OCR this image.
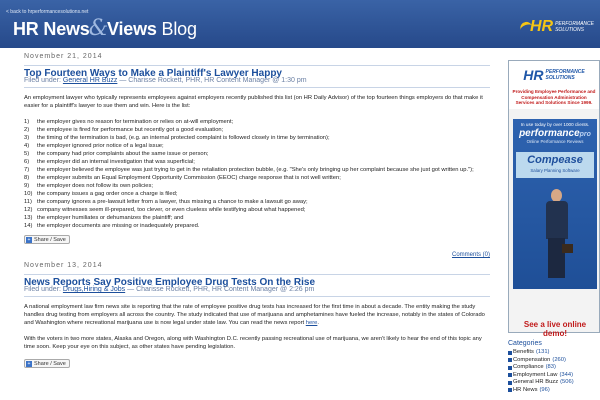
< back to hrperformancesolutions.net
HR News&Views Blog	HR PERFORMANCE
SOLUTIONS
November 21, 2014
Top Fourteen Ways to Make a Plaintiff's Lawyer Happy
Filed under: General HR Buzz — Charisse Rockett, PHR, HR Content Manager @ 1:30 pm

An employment lawyer who typically represents employees against employers recently published this list (on HR Daily Advisor) of the top fourteen things employers do that make it easier for a plaintiff's lawyer to sue them and win. Here is the list:

1)	the employer gives no reason for termination or relies on at-will employment;
2)	the employee is fired for performance but recently got a good evaluation;
3)	the timing of the termination is bad, (e.g. an internal protected complaint is followed closely in time by termination);
4)	the employer ignored prior notice of a legal issue;
5)	the company had prior complaints about the same issue or person;
6)	the employer did an internal investigation that was superficial;
7)	the employer believed the employee was just trying to get in the retaliation protection bubble, (e.g. "She's only bringing up her complaint because she just got written up.");
8)	the employer submits an Equal Employment Opportunity Commission (EEOC) charge response that is not well written;
9)	the employer does not follow its own policies;
10) the company issues a gag order once a charge is filed;
11) the company ignores a pre-lawsuit letter from a lawyer, thus missing a chance to make a lawsuit go away;
12) company witnesses seem ill-prepared, too clever, or even clueless while testifying about what happened;
13) the employer humiliates or dehumanizes the plaintiff; and
14) the employer documents are missing or inadequately prepared.
+ Share / Save
Comments (0)
November 13, 2014
News Reports Say Positive Employee Drug Tests On the Rise
Filed under: Drugs,Hiring & Jobs — Charisse Rockett, PHR, HR Content Manager @ 2:26 pm

A national employment law firm news site is reporting that the rate of employee positive drug tests has increased for the first time in about a decade. The entity making the study handles drug testing from employers all across the country. The study indicated that use of marijuana and amphetamines have fueled the increase, notably in the states of Colorado and Washington where recreational marijuana use is now legal under state law. You can read the news report here.

With the voters in two more states, Alaska and Oregon, along with Washington D.C. recently passing recreational use of marijuana, we aren't likely to hear the end of this topic any time soon. Keep your eye on this subject, as other states have pending legislation.

+ Share / Save
HR PERFORMANCE
SOLUTIONS
Providing Employee Performance and Compensation Administration Services and Solutions Since 1999.
In use today by over 1000 clients.
performancepro
Online Performance Reviews
Compease
Salary Planning Software
See a live online demo!
Categories
Benefits (131)
Compensation (260)
Compliance (83)
Employment Law (344)
General HR Buzz (506)
HR News (96)
